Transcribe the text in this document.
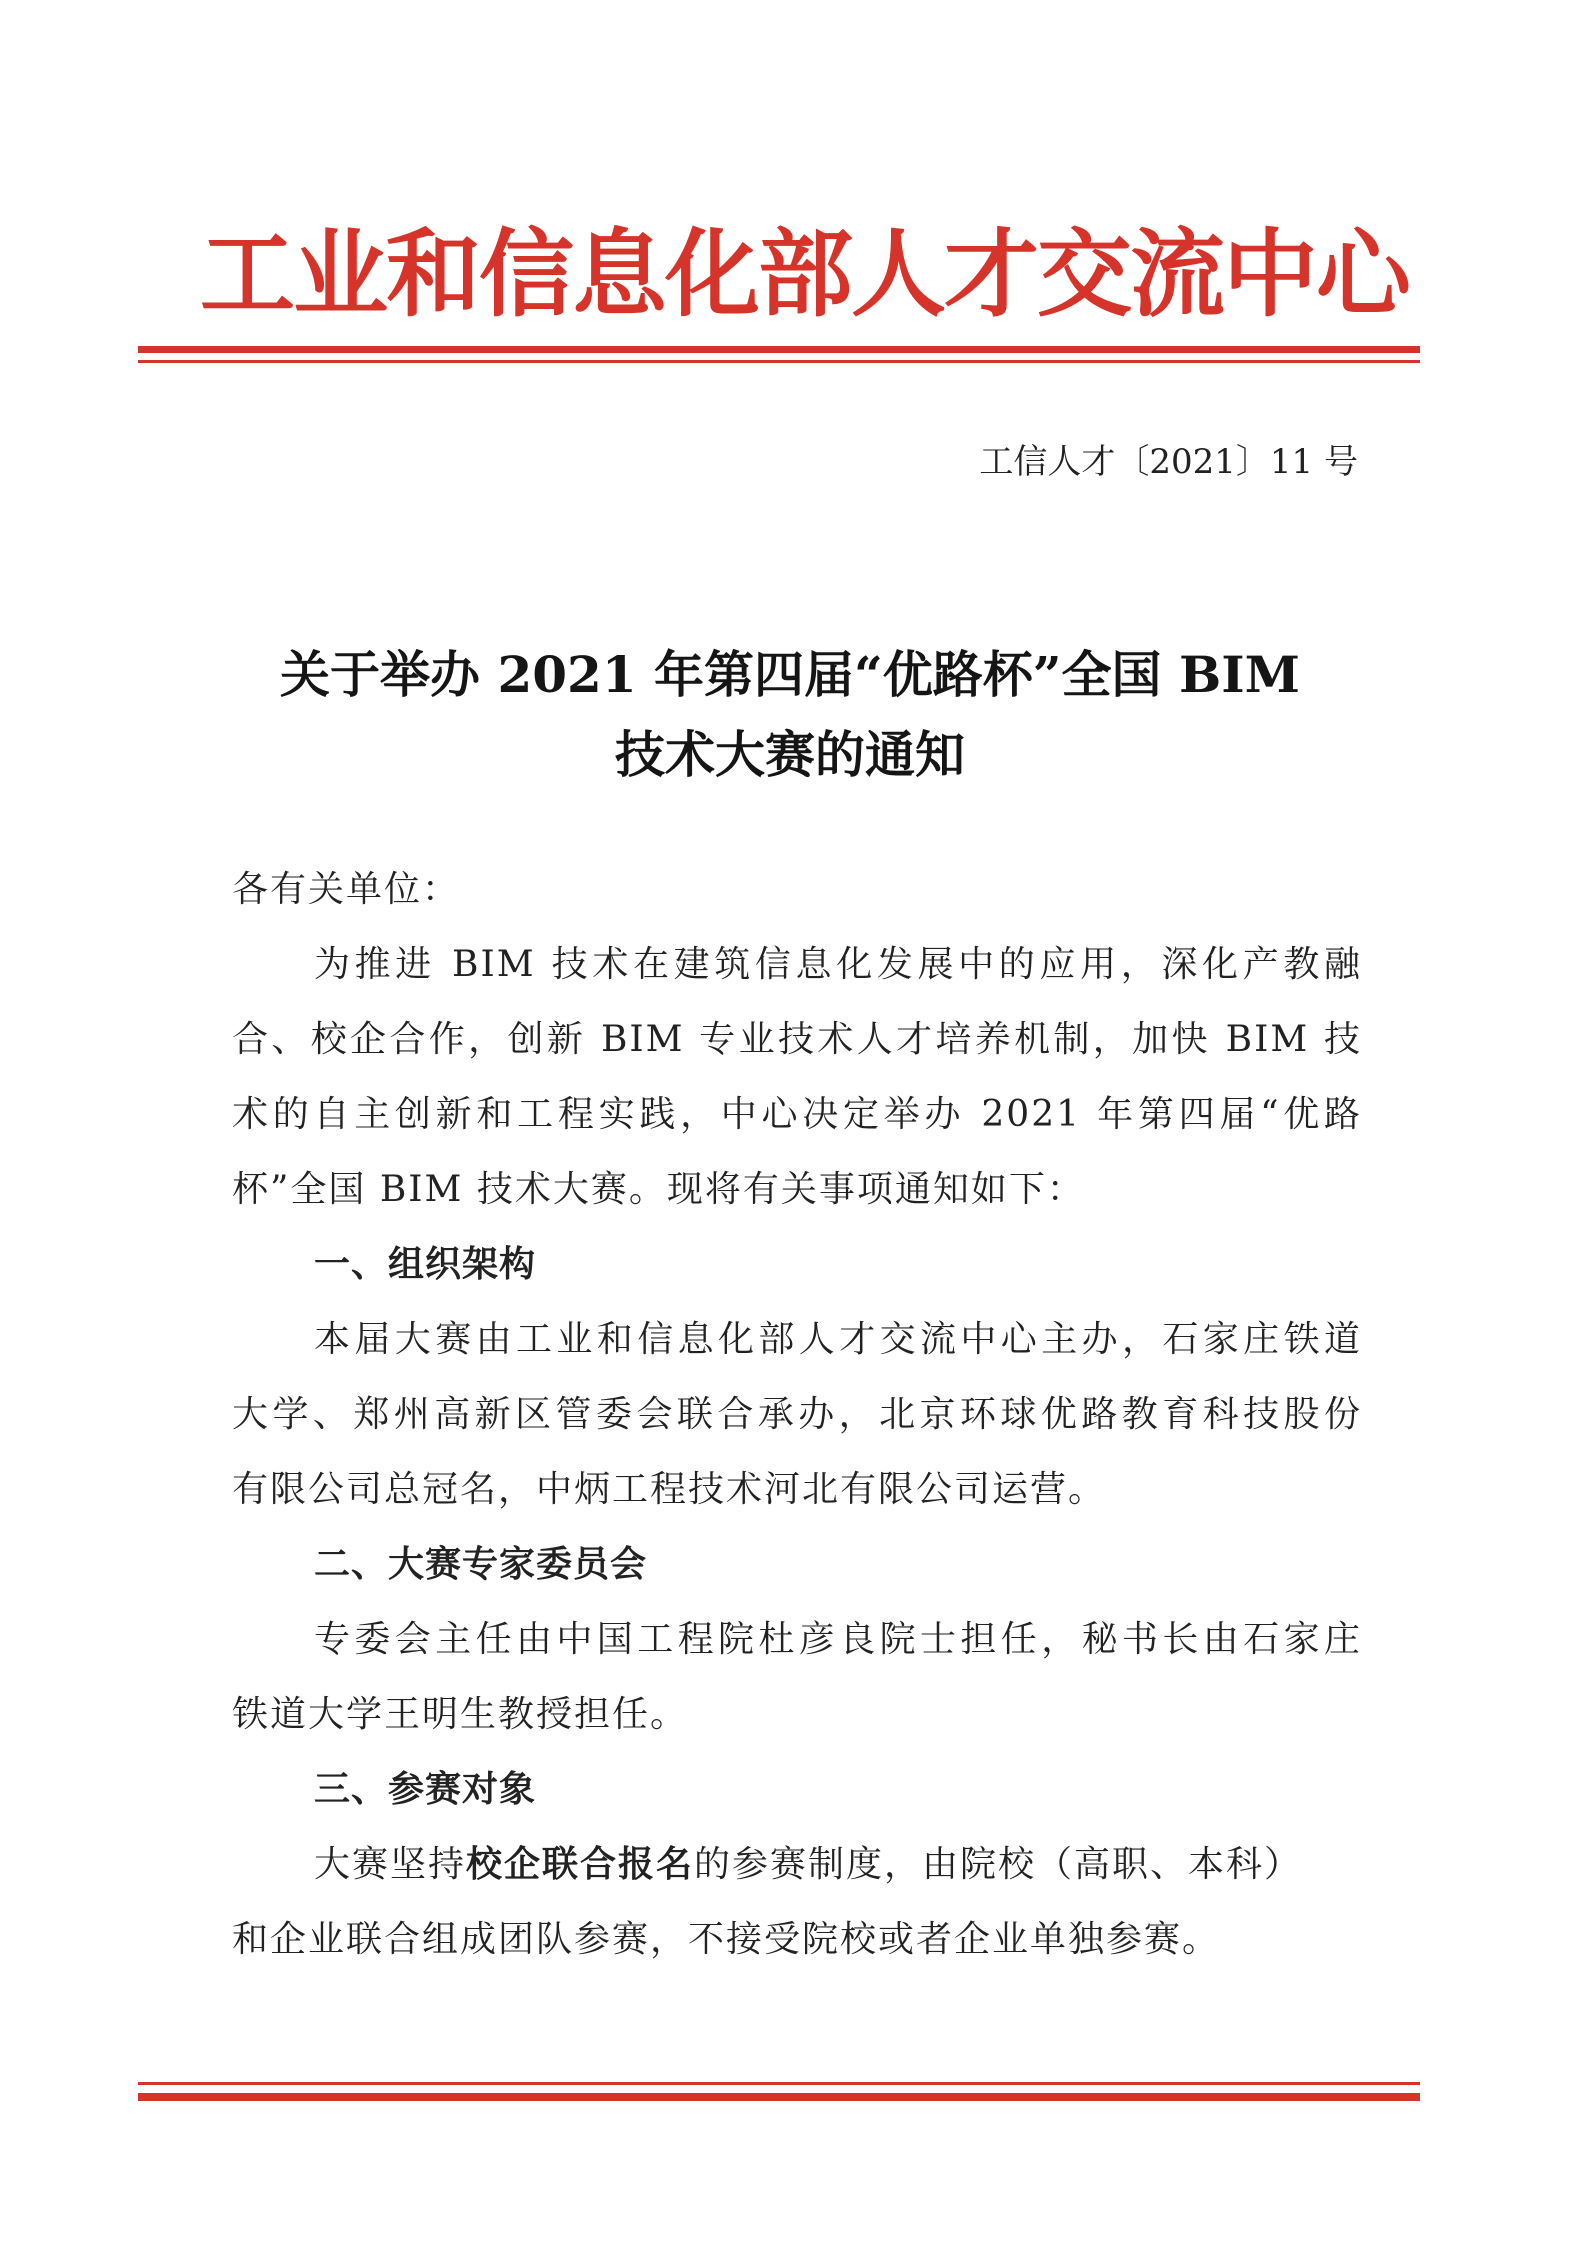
工业和信息化部人才交流中心
工信人才〔2021〕11 号
关于举办 2021 年第四届“优路杯”全国 BIM
技术大赛的通知
各有关单位：
为推进 BIM 技术在建筑信息化发展中的应用，深化产教融
合、校企合作，创新 BIM 专业技术人才培养机制，加快 BIM 技
术的自主创新和工程实践，中心决定举办 2021 年第四届“优路
杯”全国 BIM 技术大赛。现将有关事项通知如下：
一、组织架构
本届大赛由工业和信息化部人才交流中心主办，石家庄铁道
大学、郑州高新区管委会联合承办，北京环球优路教育科技股份
有限公司总冠名，中炳工程技术河北有限公司运营。
二、大赛专家委员会
专委会主任由中国工程院杜彦良院士担任，秘书长由石家庄
铁道大学王明生教授担任。
三、参赛对象
大赛坚持校企联合报名的参赛制度，由院校（高职、本科）
和企业联合组成团队参赛，不接受院校或者企业单独参赛。
